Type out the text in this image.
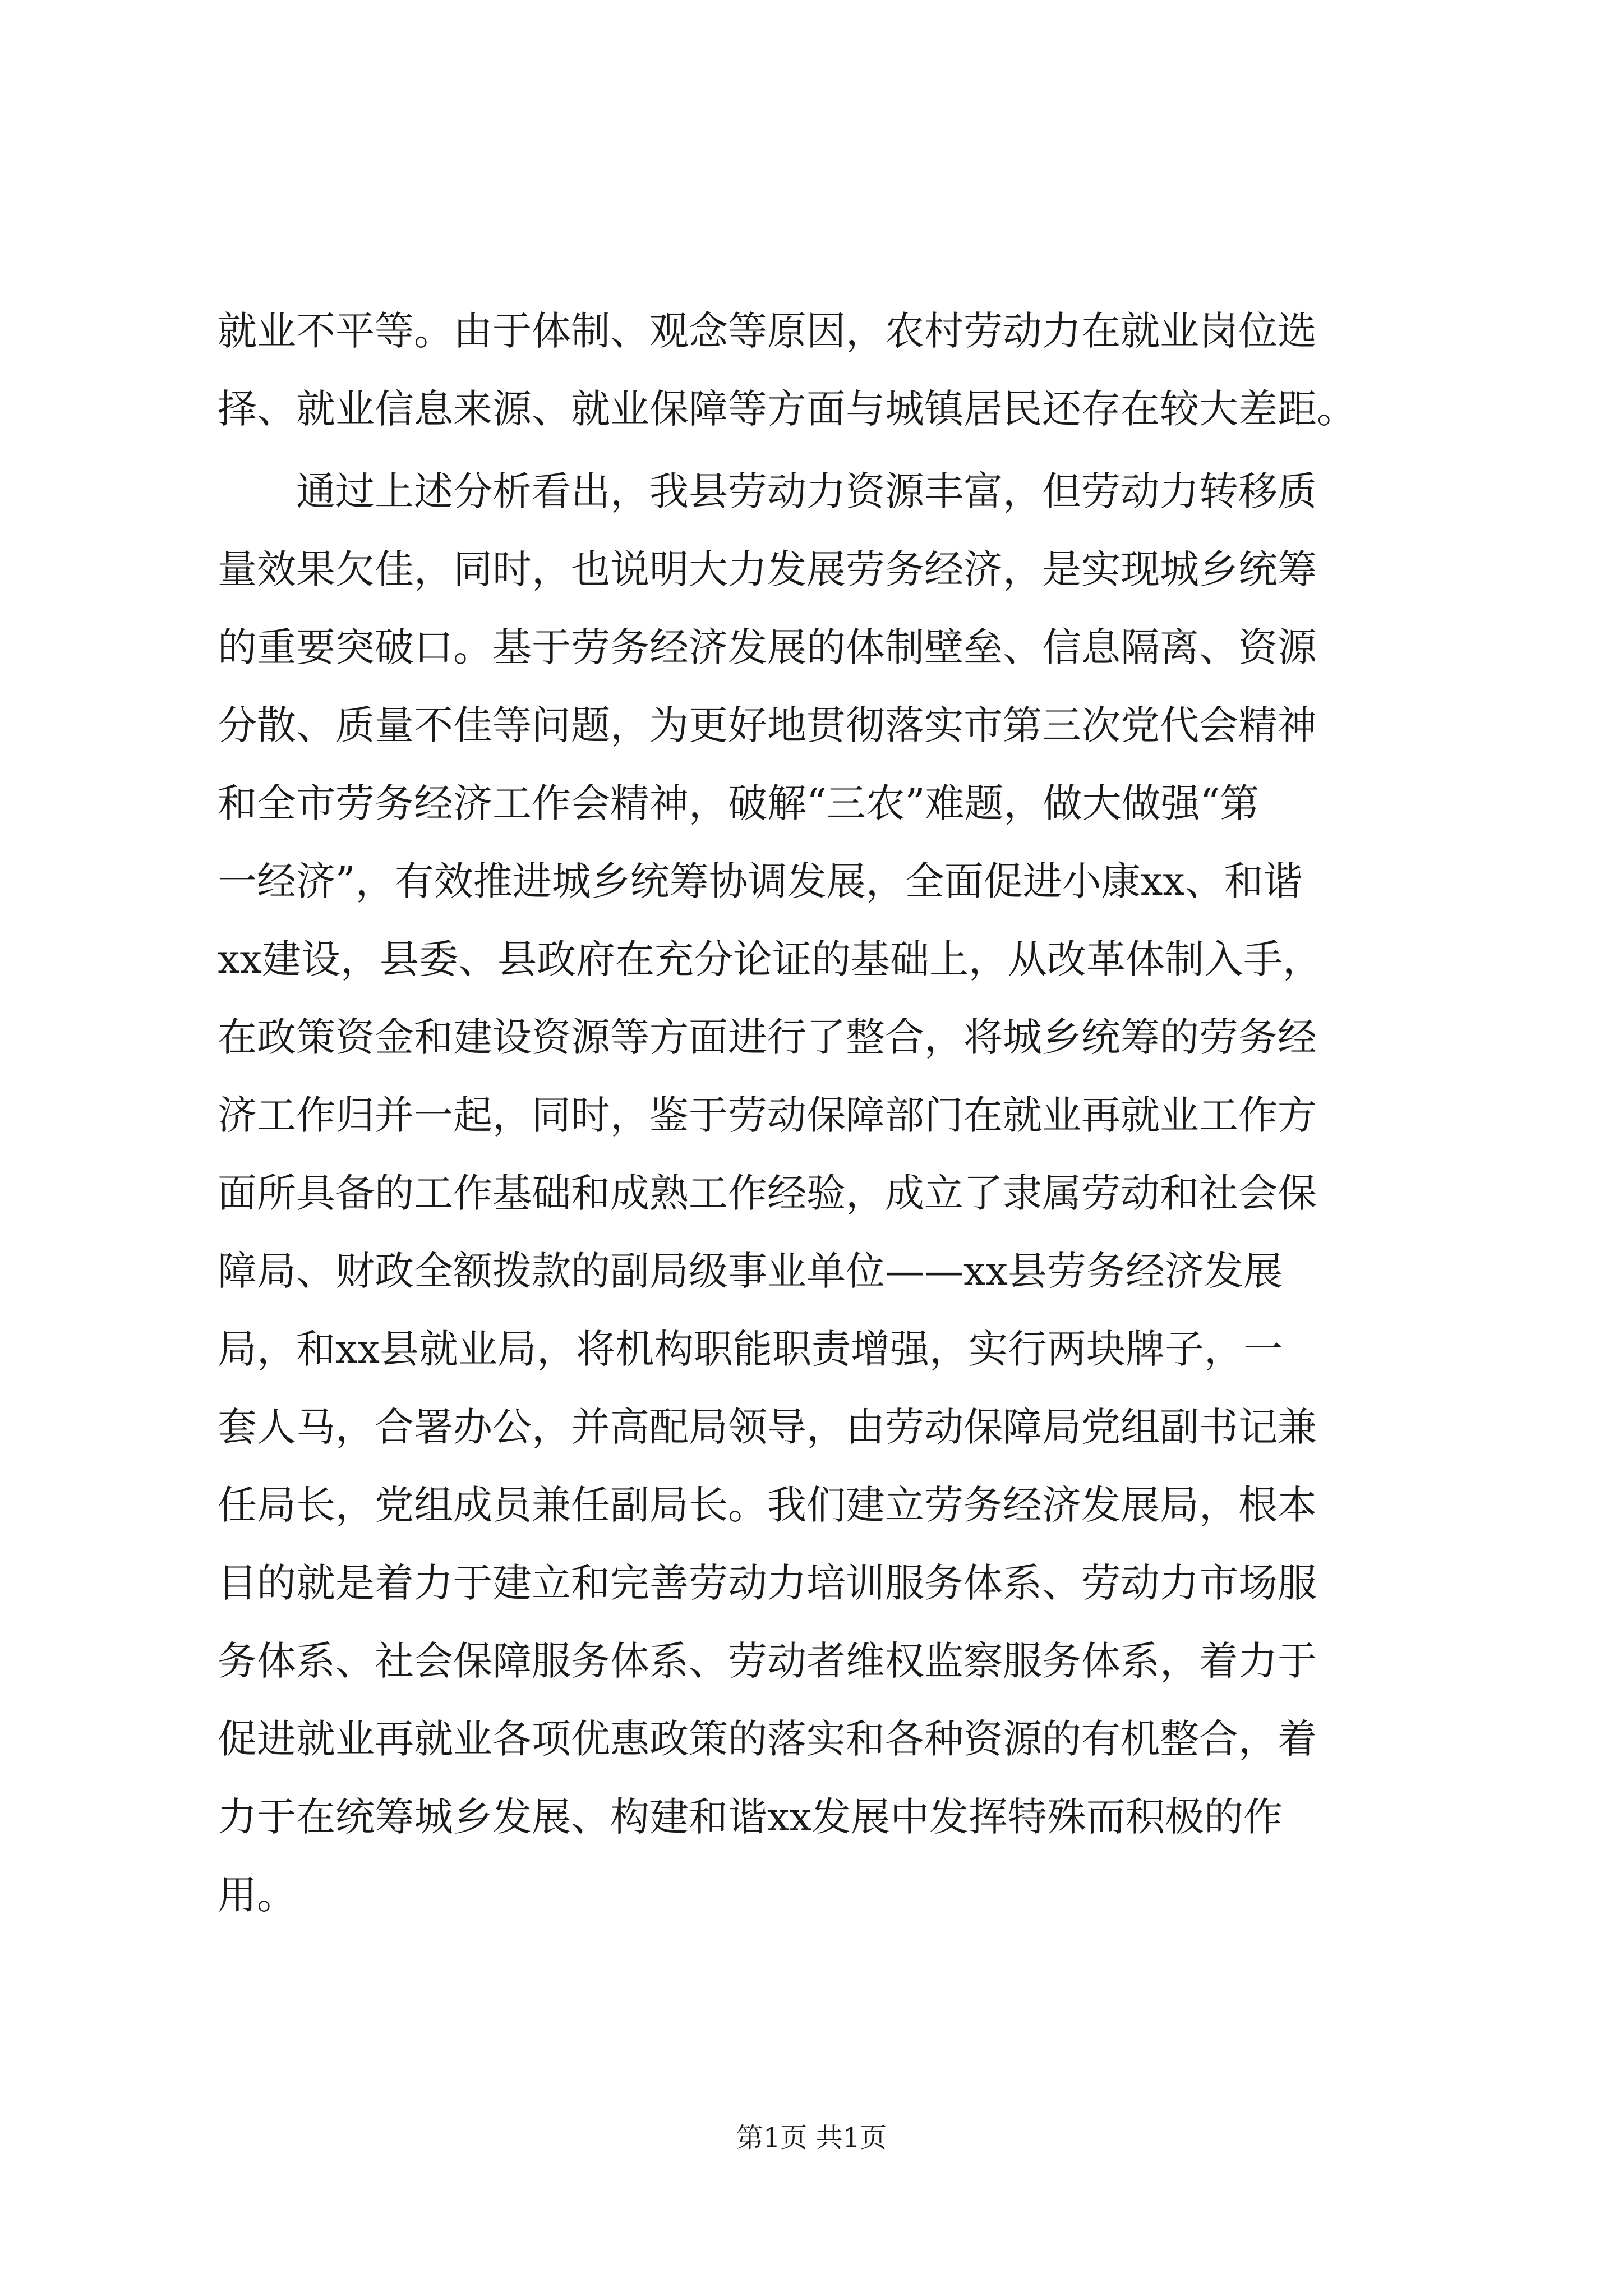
就业不平等。由于体制、观念等原因，农村劳动力在就业岗位选
择、就业信息来源、就业保障等方面与城镇居民还存在较大差距。
　　通过上述分析看出，我县劳动力资源丰富，但劳动力转移质
量效果欠佳，同时，也说明大力发展劳务经济，是实现城乡统筹
的重要突破口。基于劳务经济发展的体制壁垒、信息隔离、资源
分散、质量不佳等问题，为更好地贯彻落实市第三次党代会精神
和全市劳务经济工作会精神，破解“三农”难题，做大做强“第
一经济”，有效推进城乡统筹协调发展，全面促进小康xx、和谐
xx建设，县委、县政府在充分论证的基础上，从改革体制入手，
在政策资金和建设资源等方面进行了整合，将城乡统筹的劳务经
济工作归并一起，同时，鉴于劳动保障部门在就业再就业工作方
面所具备的工作基础和成熟工作经验，成立了隶属劳动和社会保
障局、财政全额拨款的副局级事业单位——xx县劳务经济发展
局，和xx县就业局，将机构职能职责增强，实行两块牌子，一
套人马，合署办公，并高配局领导，由劳动保障局党组副书记兼
任局长，党组成员兼任副局长。我们建立劳务经济发展局，根本
目的就是着力于建立和完善劳动力培训服务体系、劳动力市场服
务体系、社会保障服务体系、劳动者维权监察服务体系，着力于
促进就业再就业各项优惠政策的落实和各种资源的有机整合，着
力于在统筹城乡发展、构建和谐xx发展中发挥特殊而积极的作
用。
第1页 共1页
